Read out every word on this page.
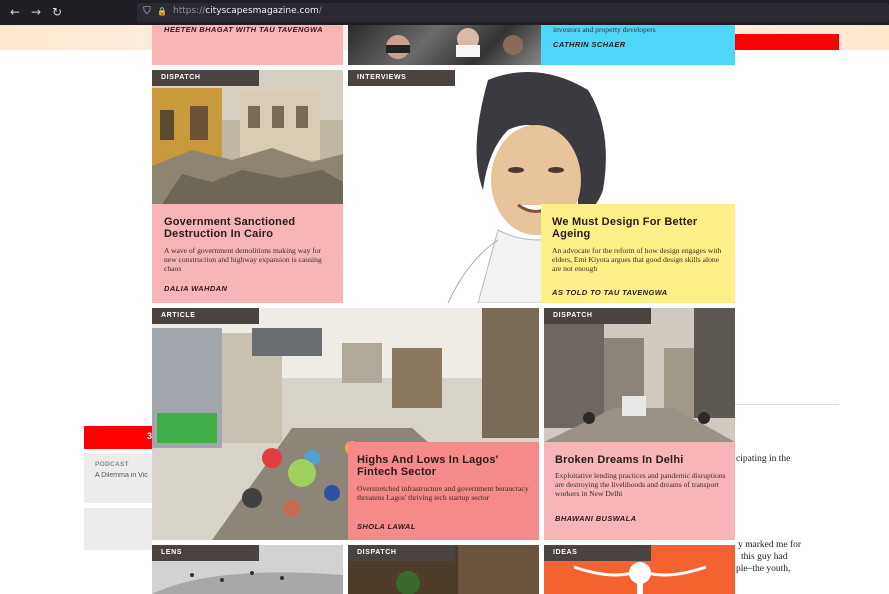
← → ↻	⛉ 🔒 https://cityscapesmagazine.com/
3
PODCAST
A Dilemma in Vic
cipating in the
y marked me for
this guy had
ple–the youth,
HEETEN BHAGAT WITH TAU TAVENGWA	investors and property developers
CATHRIN SCHAER
DISPATCH
Government Sanctioned Destruction In Cairo
A wave of government demolitions making way for new construction and highway expansion is causing chaos
DALIA WAHDAN
INTERVIEWS
We Must Design For Better Ageing
An advocate for the reform of how design engages with elders, Emi Kiyota argues that good design skills alone are not enough
AS TOLD TO TAU TAVENGWA
ARTICLE
Highs And Lows In Lagos' Fintech Sector
Overstretched infrastructure and government beraucracy threatens Lagos' thriving tech startup sector
SHOLA LAWAL
DISPATCH
Broken Dreams In Delhi
Exploitative lending practices and pandemic disruptions are destroying the livelihoods and dreams of transport workers in New Delhi
BHAWANI BUSWALA
LENS	DISPATCH	IDEAS
